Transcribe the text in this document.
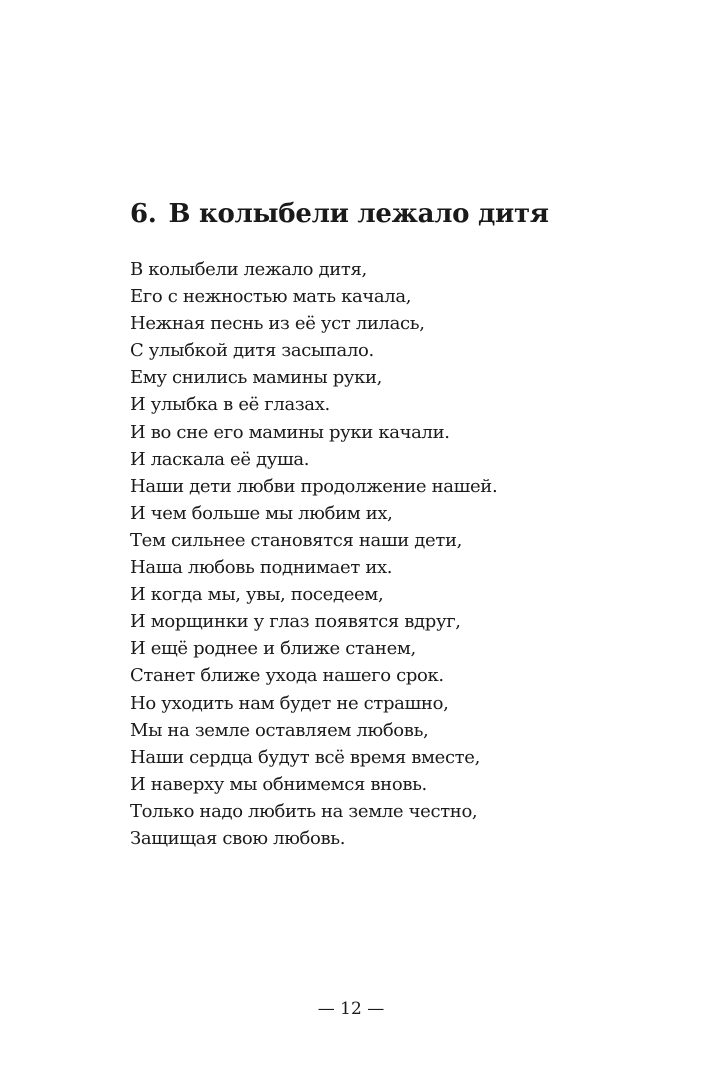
6. В колыбели лежало дитя
В колыбели лежало дитя,
Его с нежностью мать качала,
Нежная песнь из её уст лилась,
С улыбкой дитя засыпало.
Ему снились мамины руки,
И улыбка в её глазах.
И во сне его мамины руки качали.
И ласкала её душа.
Наши дети любви продолжение нашей.
И чем больше мы любим их,
Тем сильнее становятся наши дети,
Наша любовь поднимает их.
И когда мы, увы, поседеем,
И морщинки у глаз появятся вдруг,
И ещё роднее и ближе станем,
Станет ближе ухода нашего срок.
Но уходить нам будет не страшно,
Мы на земле оставляем любовь,
Наши сердца будут всё время вместе,
И наверху мы обнимемся вновь.
Только надо любить на земле честно,
Защищая свою любовь.
— 12 —
